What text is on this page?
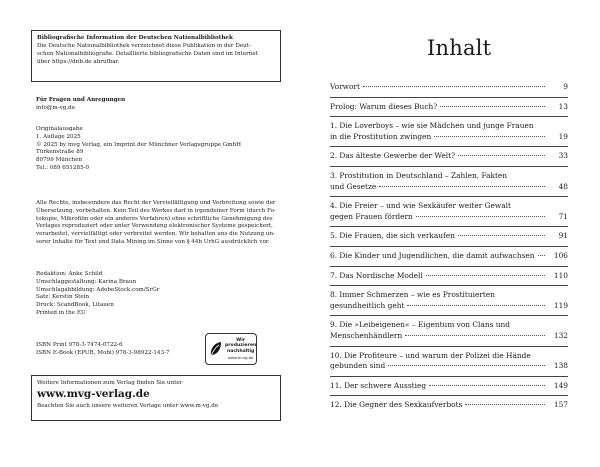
Bibliografische Information der Deutschen Nationalbibliothek
Die Deutsche Nationalbibliothek verzeichnet diese Publikation in der Deut-
schen Nationalbibliografie. Detaillierte bibliografische Daten sind im Internet
über https://dnb.de abrufbar.
Für Fragen und Anregungen
info@m-vg.de
Originalausgabe
1. Auflage 2025
© 2025 by mvg Verlag, ein Imprint der Münchner Verlagsgruppe GmbH
Türkenstraße 89
80799 München
Tel.: 089 651285-0
Alle Rechte, insbesondere das Recht der Vervielfältigung und Verbreitung sowie der
Übersetzung, vorbehalten. Kein Teil des Werkes darf in irgendeiner Form (durch Fo-
tokopie, Mikrofilm oder ein anderes Verfahren) ohne schriftliche Genehmigung des
Verlages reproduziert oder unter Verwendung elektronischer Systeme gespeichert,
verarbeitet, vervielfältigt oder verbreitet werden. Wir behalten uns die Nutzung un-
serer Inhalte für Text und Data Mining im Sinne von § 44b UrhG ausdrücklich vor.
Redaktion: Anke Schild
Umschlaggestaltung: Karina Braun
Umschlagabbildung: AdobeStock.com/SrGr
Satz: Kerstin Stein
Druck: ScandBook, Litauen
Printed in the EU
ISBN Print 978-3-7474-0722-6
ISBN E-Book (EPUB, Mobi) 978-3-98922-143-7
Wir produzieren
nachhaltig
www.m-vg.de
Weitere Informationen zum Verlag finden Sie unter
www.mvg-verlag.de
Beachten Sie auch unsere weiteren Verlage unter www.m-vg.de
Inhalt
Vorwort	9
Prolog: Warum dieses Buch?	13
1. Die Loverboys – wie sie Mädchen und junge Frauen
in die Prostitution zwingen	19
2. Das älteste Gewerbe der Welt?	33
3. Prostitution in Deutschland – Zahlen, Fakten
und Gesetze	48
4. Die Freier – und wie Sexkäufer weiter Gewalt
gegen Frauen fördern	71
5. Die Frauen, die sich verkaufen	91
6. Die Kinder und Jugendlichen, die damit aufwachsen	106
7. Das Nordische Modell	110
8. Immer Schmerzen – wie es Prostituierten
gesundheitlich geht	119
9. Die »Leibeigenen« – Eigentum von Clans und
Menschenhändlern	132
10. Die Profiteure – und warum der Polizei die Hände
gebunden sind	138
11. Der schwere Ausstieg	149
12. Die Gegner des Sexkaufverbots	157
